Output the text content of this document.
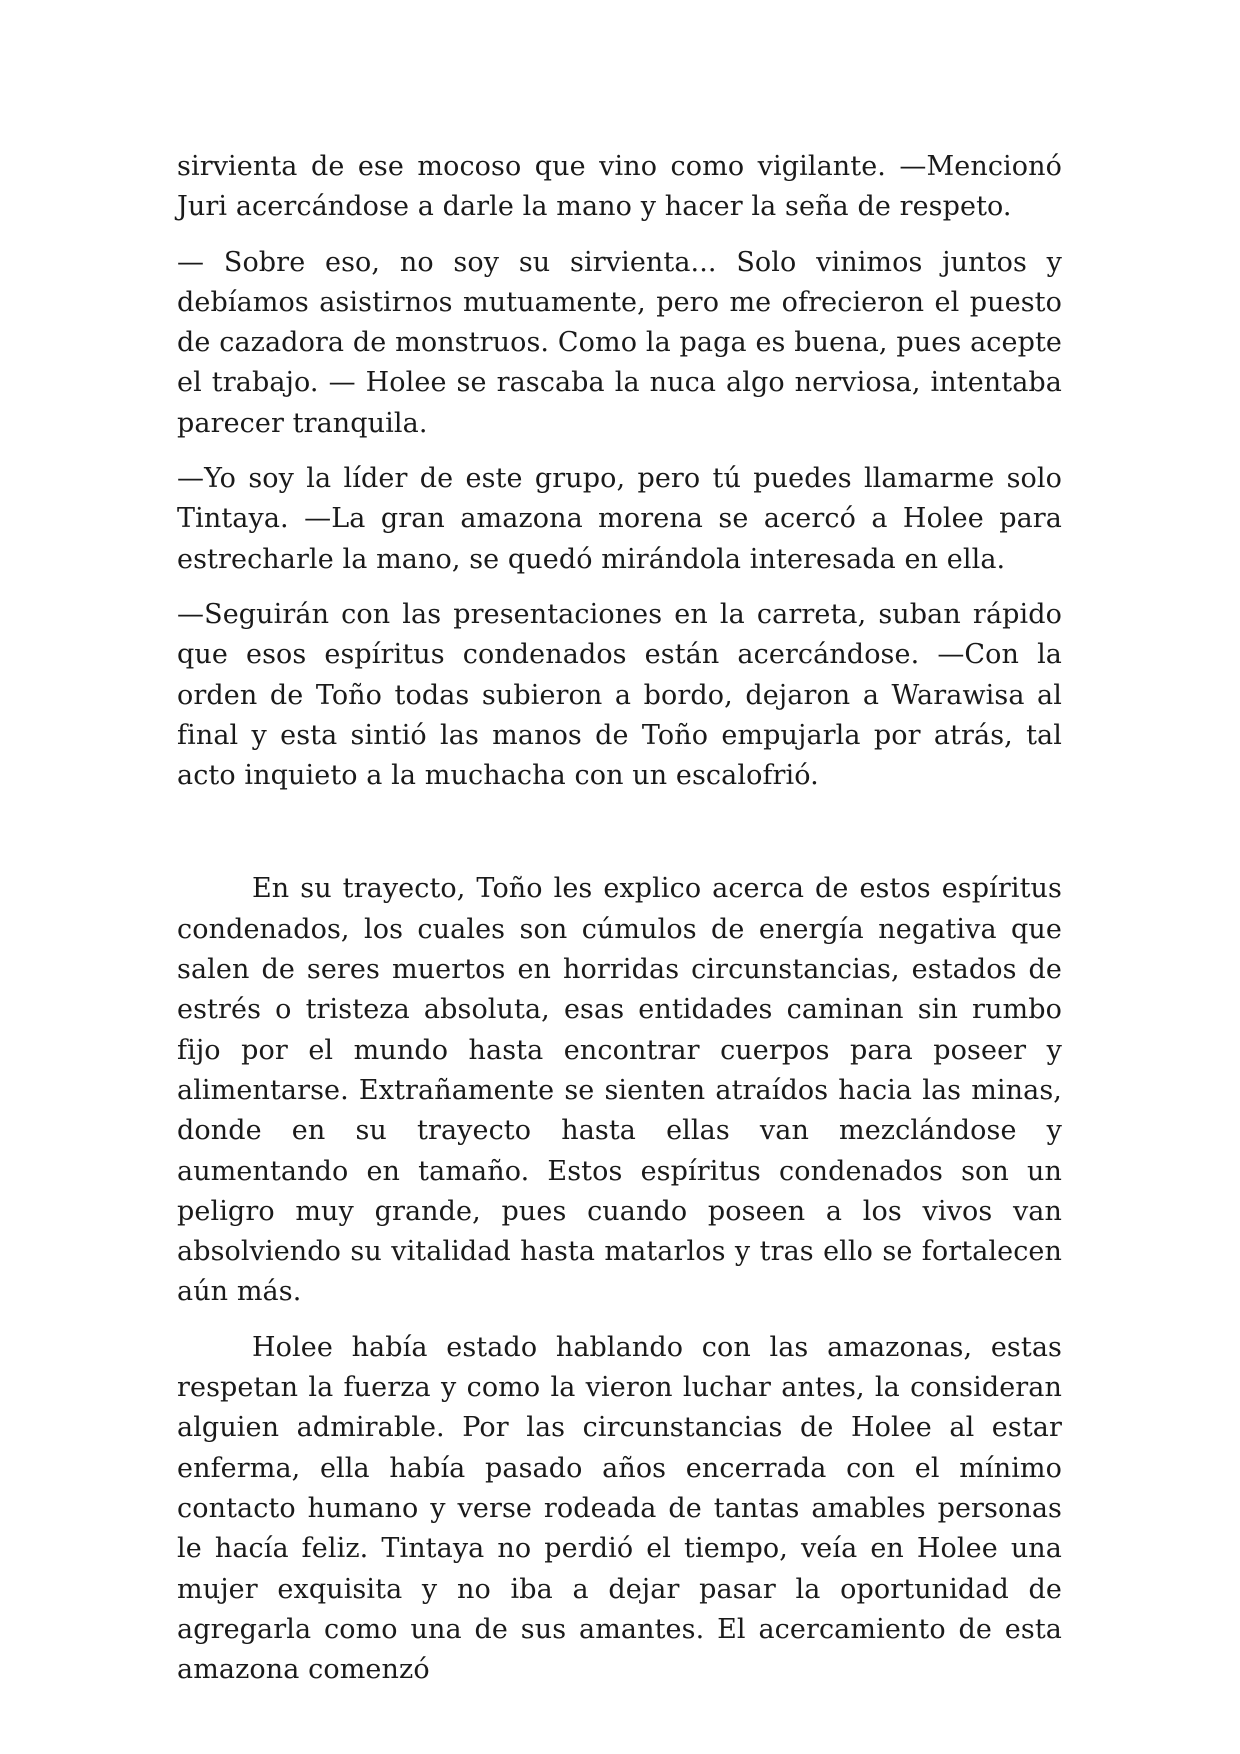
sirvienta de ese mocoso que vino como vigilante. —Mencionó Juri acercándose a darle la mano y hacer la seña de respeto.

— Sobre eso, no soy su sirvienta... Solo vinimos juntos y debíamos asistirnos mutuamente, pero me ofrecieron el puesto de cazadora de monstruos. Como la paga es buena, pues acepte el trabajo. — Holee se rascaba la nuca algo nerviosa, intentaba parecer tranquila.

—Yo soy la líder de este grupo, pero tú puedes llamarme solo Tintaya. —La gran amazona morena se acercó a Holee para estrecharle la mano, se quedó mirándola interesada en ella.

—Seguirán con las presentaciones en la carreta, suban rápido que esos espíritus condenados están acercándose. —Con la orden de Toño todas subieron a bordo, dejaron a Warawisa al final y esta sintió las manos de Toño empujarla por atrás, tal acto inquieto a la muchacha con un escalofrió.

En su trayecto, Toño les explico acerca de estos espíritus condenados, los cuales son cúmulos de energía negativa que salen de seres muertos en horridas circunstancias, estados de estrés o tristeza absoluta, esas entidades caminan sin rumbo fijo por el mundo hasta encontrar cuerpos para poseer y alimentarse. Extrañamente se sienten atraídos hacia las minas, donde en su trayecto hasta ellas van mezclándose y aumentando en tamaño. Estos espíritus condenados son un peligro muy grande, pues cuando poseen a los vivos van absolviendo su vitalidad hasta matarlos y tras ello se fortalecen aún más.

Holee había estado hablando con las amazonas, estas respetan la fuerza y como la vieron luchar antes, la consideran alguien admirable. Por las circunstancias de Holee al estar enferma, ella había pasado años encerrada con el mínimo contacto humano y verse rodeada de tantas amables personas le hacía feliz. Tintaya no perdió el tiempo, veía en Holee una mujer exquisita y no iba a dejar pasar la oportunidad de agregarla como una de sus amantes. El acercamiento de esta amazona comenzó
